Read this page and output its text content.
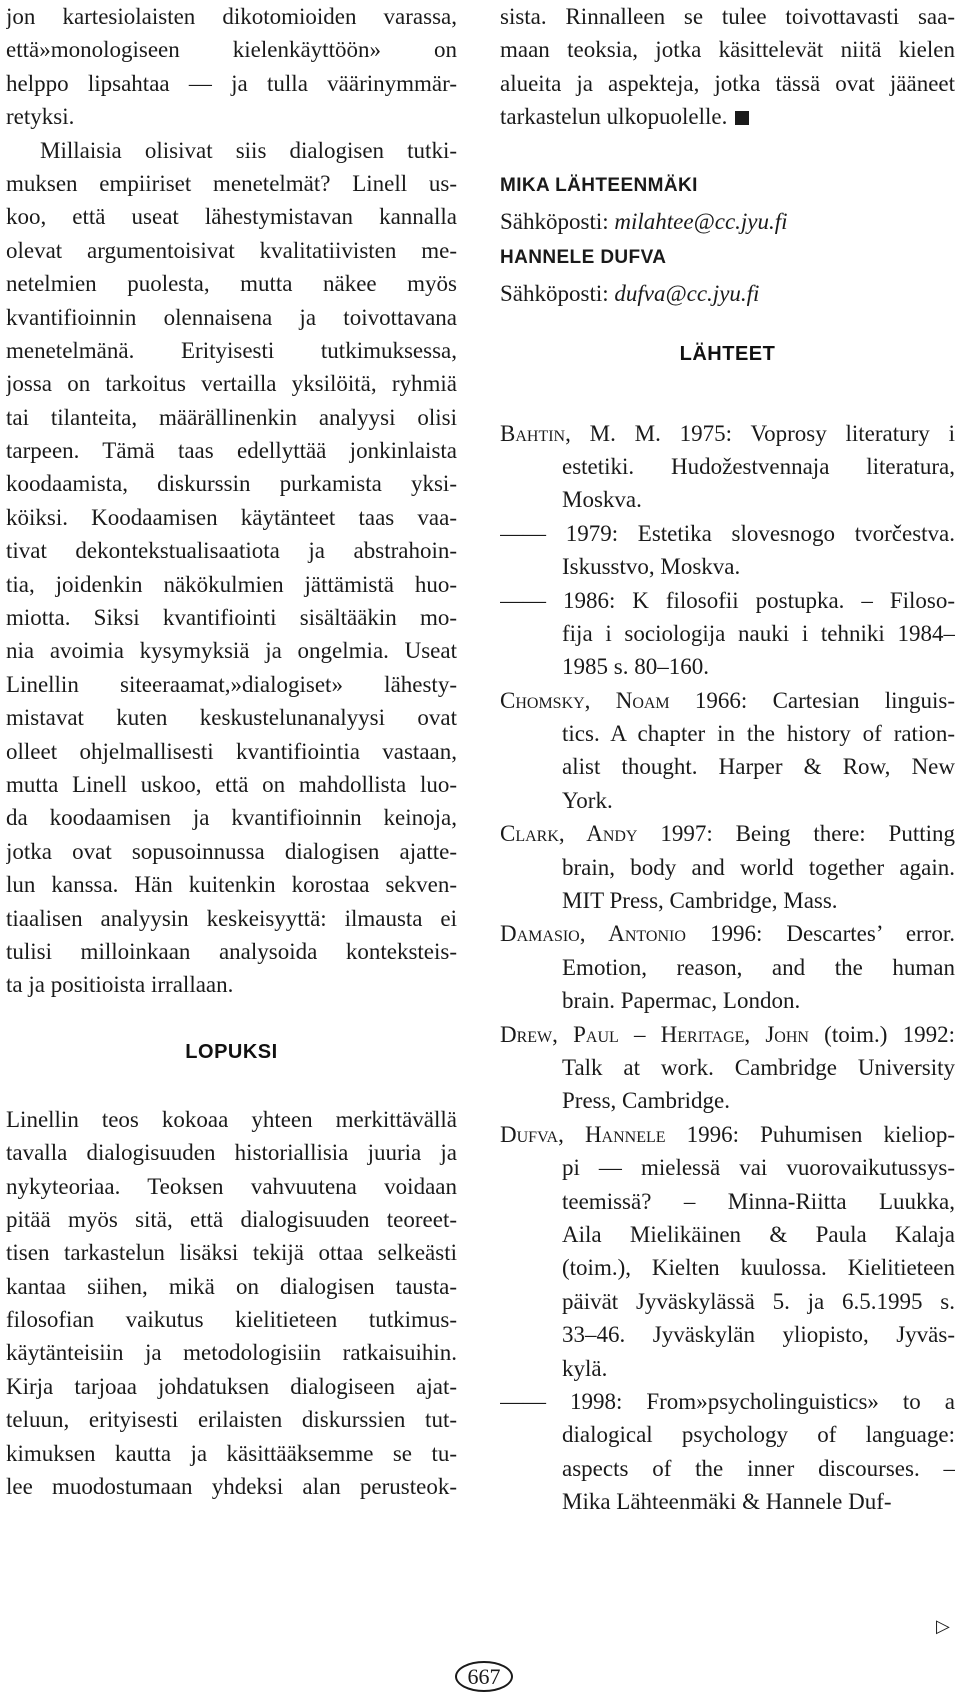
jon kartesiolaisten dikotomioiden varassa,
että»monologiseen kielenkäyttöön» on
helppo lipsahtaa — ja tulla väärinymmär-
retyksi.
Millaisia olisivat siis dialogisen tutki-
muksen empiiriset menetelmät? Linell us-
koo, että useat lähestymistavan kannalla
olevat argumentoisivat kvalitatiivisten me-
netelmien puolesta, mutta näkee myös
kvantifioinnin olennaisena ja toivottavana
menetelmänä. Erityisesti tutkimuksessa,
jossa on tarkoitus vertailla yksilöitä, ryhmiä
tai tilanteita, määrällinenkin analyysi olisi
tarpeen. Tämä taas edellyttää jonkinlaista
koodaamista, diskurssin purkamista yksi-
köiksi. Koodaamisen käytänteet taas vaa-
tivat dekontekstualisaatiota ja abstrahoin-
tia, joidenkin näkökulmien jättämistä huo-
miotta. Siksi kvantifiointi sisältääkin mo-
nia avoimia kysymyksiä ja ongelmia. Useat
Linellin siteeraamat,»dialogiset» lähesty-
mistavat kuten keskustelunanalyysi ovat
olleet ohjelmallisesti kvantifiointia vastaan,
mutta Linell uskoo, että on mahdollista luo-
da koodaamisen ja kvantifioinnin keinoja,
jotka ovat sopusoinnussa dialogisen ajatte-
lun kanssa. Hän kuitenkin korostaa sekven-
tiaalisen analyysin keskeisyyttä: ilmausta ei
tulisi milloinkaan analysoida konteksteis-
ta ja positioista irrallaan.
LOPUKSI
Linellin teos kokoaa yhteen merkittävällä
tavalla dialogisuuden historiallisia juuria ja
nykyteoriaa. Teoksen vahvuutena voidaan
pitää myös sitä, että dialogisuuden teoreet-
tisen tarkastelun lisäksi tekijä ottaa selkeästi
kantaa siihen, mikä on dialogisen tausta-
filosofian vaikutus kielitieteen tutkimus-
käytänteisiin ja metodologisiin ratkaisuihin.
Kirja tarjoaa johdatuksen dialogiseen ajat-
teluun, erityisesti erilaisten diskurssien tut-
kimuksen kautta ja käsittääksemme se tu-
lee muodostumaan yhdeksi alan perusteok-
sista. Rinnalleen se tulee toivottavasti saa-
maan teoksia, jotka käsittelevät niitä kielen
alueita ja aspekteja, jotka tässä ovat jääneet
tarkastelun ulkopuolelle.
MIKA LÄHTEENMÄKI
Sähköposti: milahtee@cc.jyu.fi
HANNELE DUFVA
Sähköposti: dufva@cc.jyu.fi
LÄHTEET
Bahtin, M. M. 1975: Voprosy literatury i
estetiki. Hudožestvennaja literatura,
Moskva.
—— 1979: Estetika slovesnogo tvorčestva.
Iskusstvo, Moskva.
—— 1986: K filosofii postupka. – Filoso-
fija i sociologija nauki i tehniki 1984–
1985 s. 80–160.
Chomsky, Noam 1966: Cartesian linguis-
tics. A chapter in the history of ration-
alist thought. Harper & Row, New
York.
Clark, Andy 1997: Being there: Putting
brain, body and world together again.
MIT Press, Cambridge, Mass.
Damasio, Antonio 1996: Descartes’ error.
Emotion, reason, and the human
brain. Papermac, London.
Drew, Paul – Heritage, John (toim.) 1992:
Talk at work. Cambridge University
Press, Cambridge.
Dufva, Hannele 1996: Puhumisen kieliop-
pi — mielessä vai vuorovaikutussys-
teemissä? – Minna-Riitta Luukka,
Aila Mielikäinen & Paula Kalaja
(toim.), Kielten kuulossa. Kielitieteen
päivät Jyväskylässä 5. ja 6.5.1995 s.
33–46. Jyväskylän yliopisto, Jyväs-
kylä.
—— 1998: From»psycholinguistics» to a
dialogical psychology of language:
aspects of the inner discourses. –
Mika Lähteenmäki & Hannele Duf-
▷
667
